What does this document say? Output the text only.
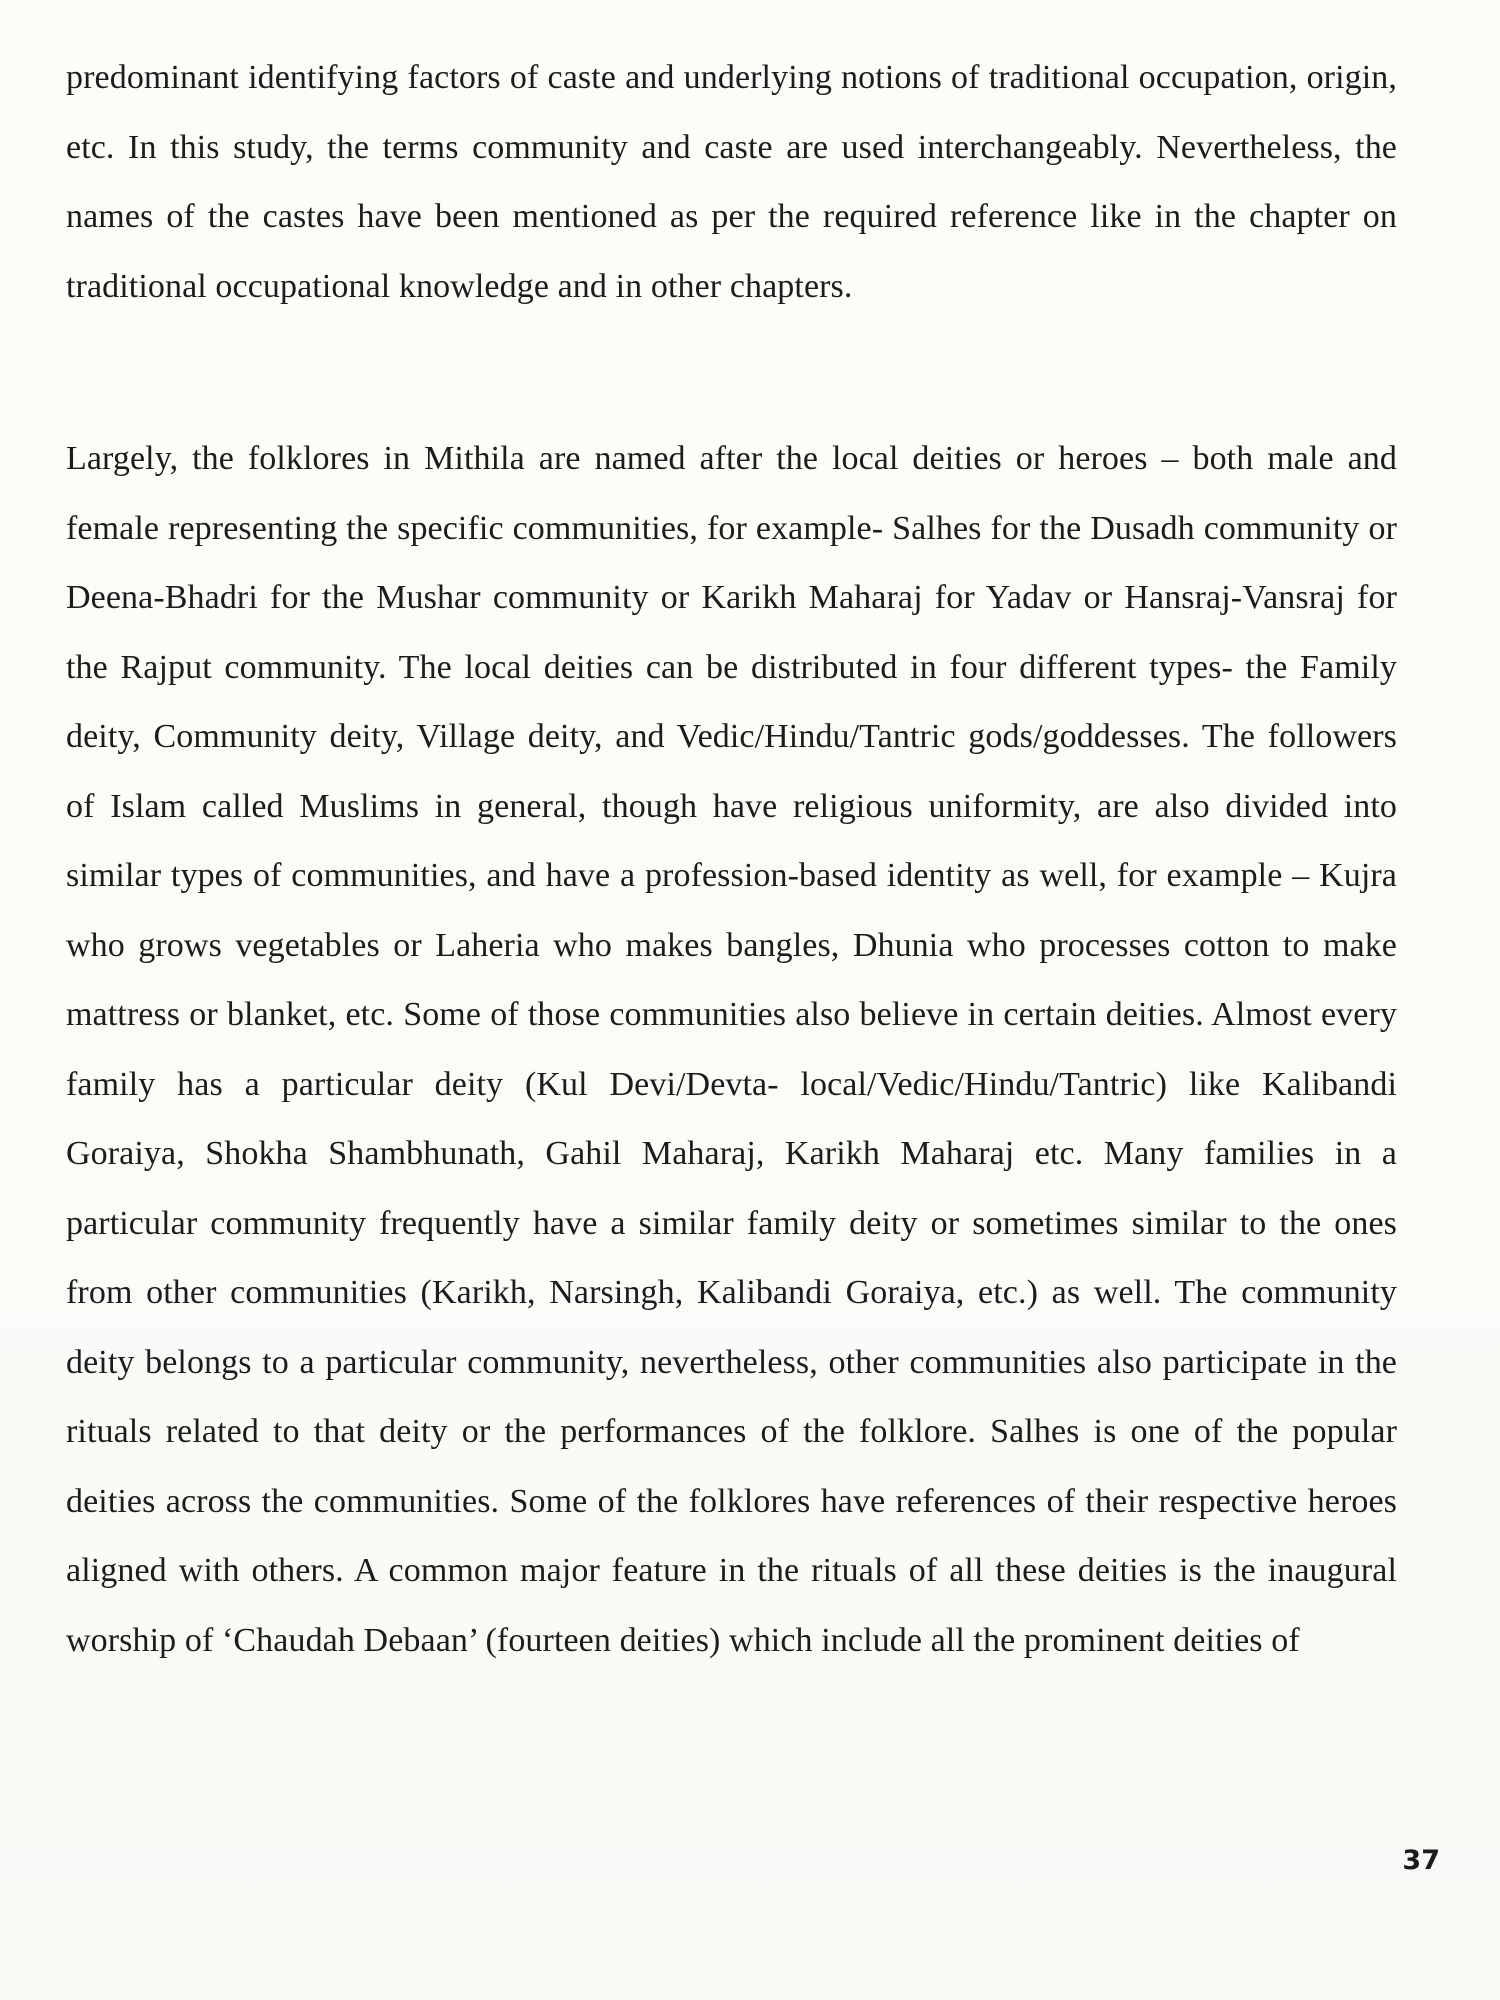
predominant identifying factors of caste and underlying notions of traditional occupation, origin, etc. In this study, the terms community and caste are used interchangeably. Nevertheless, the names of the castes have been mentioned as per the required reference like in the chapter on traditional occupational knowledge and in other chapters.

Largely, the folklores in Mithila are named after the local deities or heroes – both male and female representing the specific communities, for example- Salhes for the Dusadh community or Deena-Bhadri for the Mushar community or Karikh Maharaj for Yadav or Hansraj-Vansraj for the Rajput community. The local deities can be distributed in four different types- the Family deity, Community deity, Village deity, and Vedic/Hindu/Tantric gods/goddesses. The followers of Islam called Muslims in general, though have religious uniformity, are also divided into similar types of communities, and have a profession-based identity as well, for example – Kujra who grows vegetables or Laheria who makes bangles, Dhunia who processes cotton to make mattress or blanket, etc. Some of those communities also believe in certain deities. Almost every family has a particular deity (Kul Devi/Devta- local/Vedic/Hindu/Tantric) like Kalibandi Goraiya, Shokha Shambhunath, Gahil Maharaj, Karikh Maharaj etc. Many families in a particular community frequently have a similar family deity or sometimes similar to the ones from other communities (Karikh, Narsingh, Kalibandi Goraiya, etc.) as well. The community deity belongs to a particular community, nevertheless, other communities also participate in the rituals related to that deity or the performances of the folklore. Salhes is one of the popular deities across the communities. Some of the folklores have references of their respective heroes aligned with others. A common major feature in the rituals of all these deities is the inaugural worship of ‘Chaudah Debaan’ (fourteen deities) which include all the prominent deities of

37
